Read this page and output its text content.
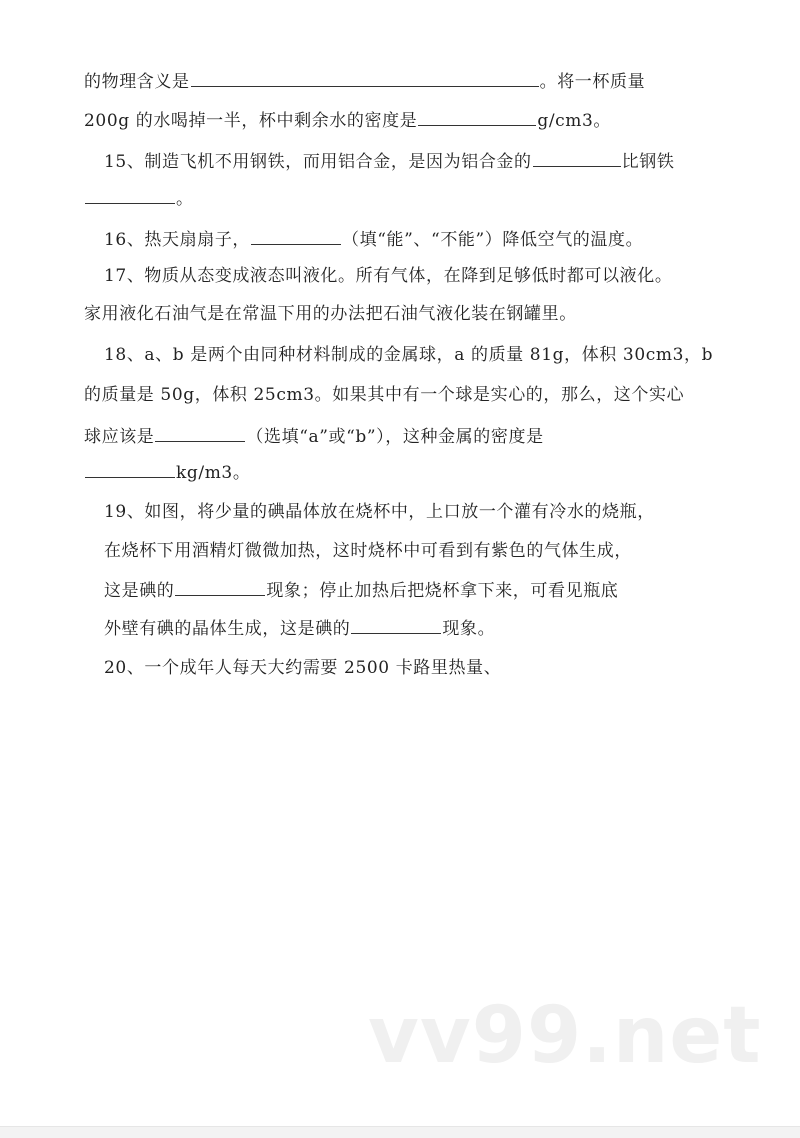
的物理含义是	。将一杯质量
200g 的水喝掉一半，杯中剩余水的密度是	g/cm3。
15、制造飞机不用钢铁，而用铝合金，是因为铝合金的	比钢铁
。
16、热天扇扇子，	（填“能”、“不能”）降低空气的温度。
17、物质从态变成液态叫液化。所有气体，在降到足够低时都可以液化。
家用液化石油气是在常温下用的办法把石油气液化装在钢罐里。
18、a、b 是两个由同种材料制成的金属球，a 的质量 81g，体积 30cm3，b
的质量是 50g，体积 25cm3。如果其中有一个球是实心的，那么，这个实心
球应该是	（选填“a”或“b”），这种金属的密度是
kg/m3。
19、如图，将少量的碘晶体放在烧杯中，上口放一个灌有冷水的烧瓶，
在烧杯下用酒精灯微微加热，这时烧杯中可看到有紫色的气体生成，
这是碘的	现象；停止加热后把烧杯拿下来，可看见瓶底
外壁有碘的晶体生成，这是碘的	现象。
20、一个成年人每天大约需要 2500 卡路里热量、
vv99.net
